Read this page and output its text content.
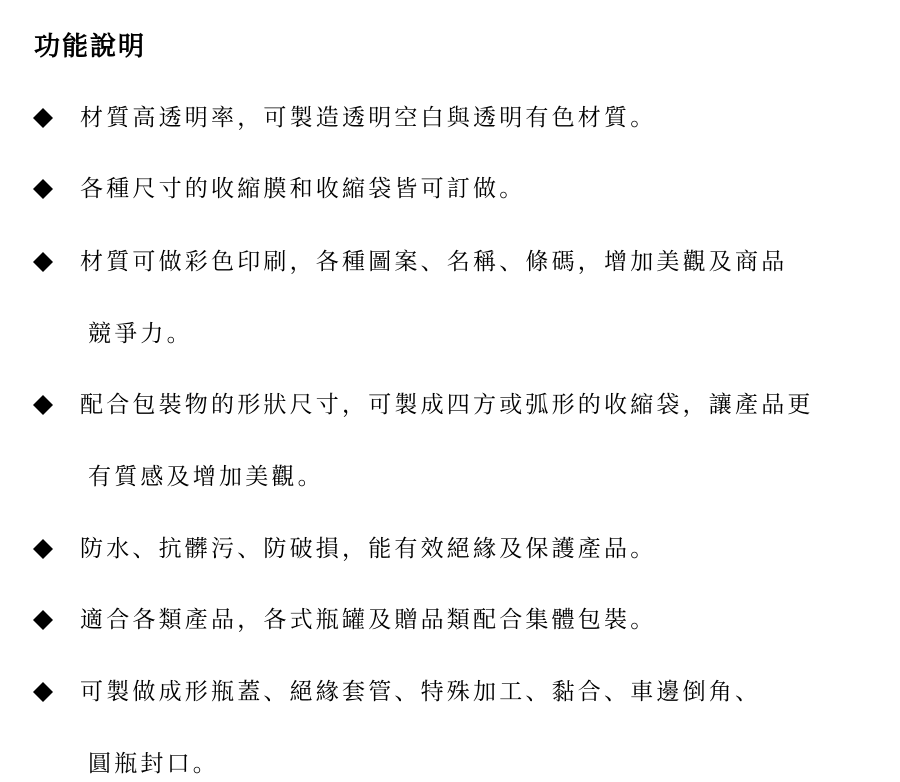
功能說明
材質高透明率，可製造透明空白與透明有色材質。
各種尺寸的收縮膜和收縮袋皆可訂做。
材質可做彩色印刷，各種圖案、名稱、條碼，增加美觀及商品
競爭力。
配合包裝物的形狀尺寸，可製成四方或弧形的收縮袋，讓產品更
有質感及增加美觀。
防水、抗髒污、防破損，能有效絕緣及保護產品。
適合各類產品，各式瓶罐及贈品類配合集體包裝。
可製做成形瓶蓋、絕緣套管、特殊加工、黏合、車邊倒角、
圓瓶封口。
